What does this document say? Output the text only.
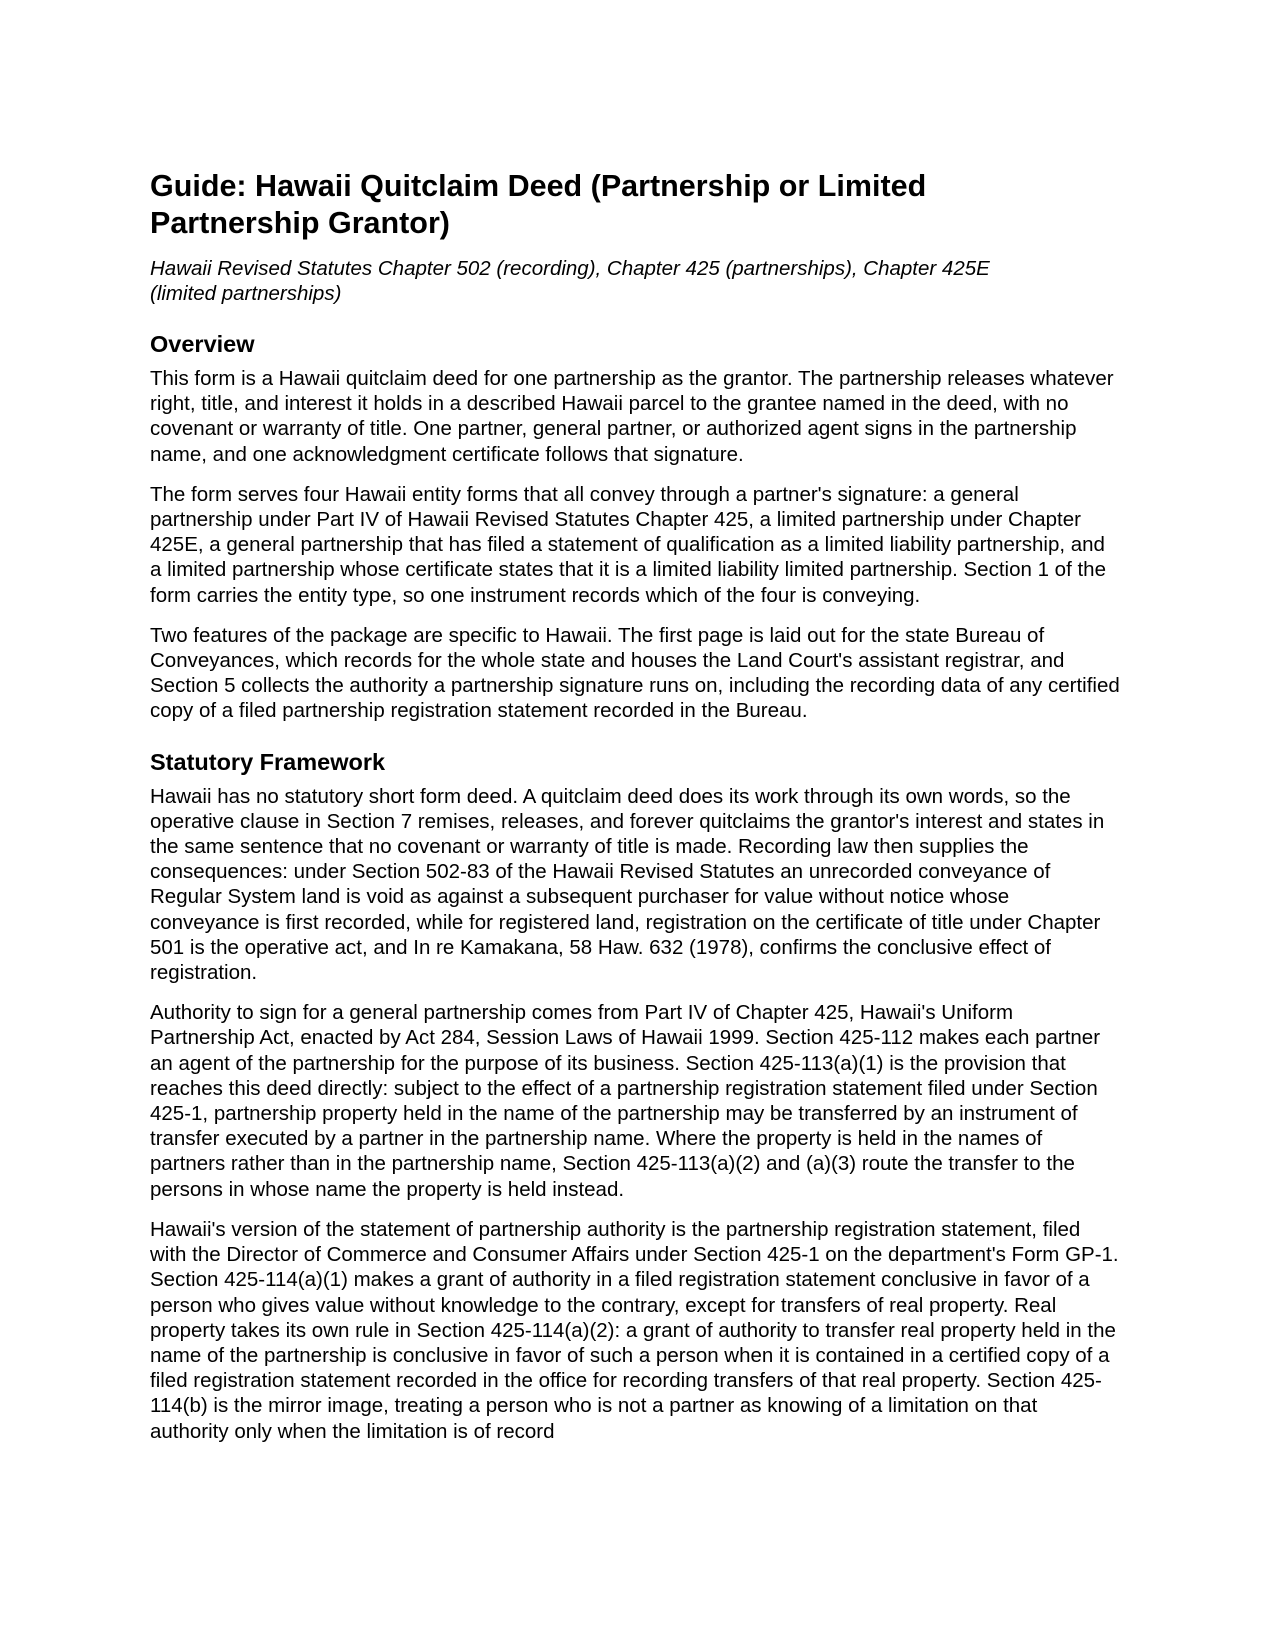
Guide: Hawaii Quitclaim Deed (Partnership or Limited Partnership Grantor)
Hawaii Revised Statutes Chapter 502 (recording), Chapter 425 (partnerships), Chapter 425E (limited partnerships)
Overview

This form is a Hawaii quitclaim deed for one partnership as the grantor. The partnership releases whatever right, title, and interest it holds in a described Hawaii parcel to the grantee named in the deed, with no covenant or warranty of title. One partner, general partner, or authorized agent signs in the partnership name, and one acknowledgment certificate follows that signature.

The form serves four Hawaii entity forms that all convey through a partner's signature: a general partnership under Part IV of Hawaii Revised Statutes Chapter 425, a limited partnership under Chapter 425E, a general partnership that has filed a statement of qualification as a limited liability partnership, and a limited partnership whose certificate states that it is a limited liability limited partnership. Section 1 of the form carries the entity type, so one instrument records which of the four is conveying.

Two features of the package are specific to Hawaii. The first page is laid out for the state Bureau of Conveyances, which records for the whole state and houses the Land Court's assistant registrar, and Section 5 collects the authority a partnership signature runs on, including the recording data of any certified copy of a filed partnership registration statement recorded in the Bureau.

Statutory Framework

Hawaii has no statutory short form deed. A quitclaim deed does its work through its own words, so the operative clause in Section 7 remises, releases, and forever quitclaims the grantor's interest and states in the same sentence that no covenant or warranty of title is made. Recording law then supplies the consequences: under Section 502-83 of the Hawaii Revised Statutes an unrecorded conveyance of Regular System land is void as against a subsequent purchaser for value without notice whose conveyance is first recorded, while for registered land, registration on the certificate of title under Chapter 501 is the operative act, and In re Kamakana, 58 Haw. 632 (1978), confirms the conclusive effect of registration.

Authority to sign for a general partnership comes from Part IV of Chapter 425, Hawaii's Uniform Partnership Act, enacted by Act 284, Session Laws of Hawaii 1999. Section 425-112 makes each partner an agent of the partnership for the purpose of its business. Section 425-113(a)(1) is the provision that reaches this deed directly: subject to the effect of a partnership registration statement filed under Section 425-1, partnership property held in the name of the partnership may be transferred by an instrument of transfer executed by a partner in the partnership name. Where the property is held in the names of partners rather than in the partnership name, Section 425-113(a)(2) and (a)(3) route the transfer to the persons in whose name the property is held instead.

Hawaii's version of the statement of partnership authority is the partnership registration statement, filed with the Director of Commerce and Consumer Affairs under Section 425-1 on the department's Form GP-1. Section 425-114(a)(1) makes a grant of authority in a filed registration statement conclusive in favor of a person who gives value without knowledge to the contrary, except for transfers of real property. Real property takes its own rule in Section 425-114(a)(2): a grant of authority to transfer real property held in the name of the partnership is conclusive in favor of such a person when it is contained in a certified copy of a filed registration statement recorded in the office for recording transfers of that real property. Section 425-114(b) is the mirror image, treating a person who is not a partner as knowing of a limitation on that authority only when the limitation is of record
